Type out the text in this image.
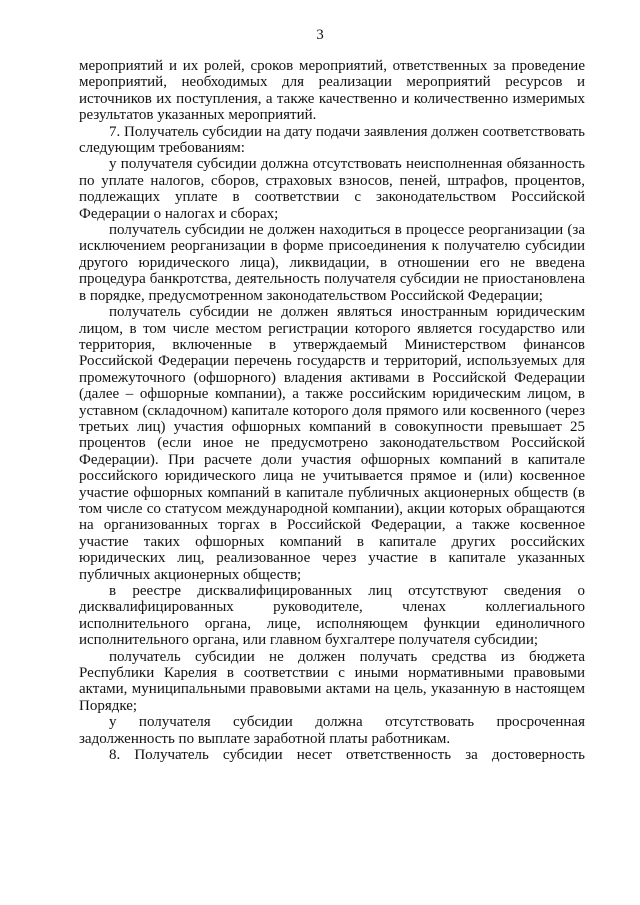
3

мероприятий и их ролей, сроков мероприятий, ответственных за проведение мероприятий, необходимых для реализации мероприятий ресурсов и источников их поступления, а также качественно и количественно измеримых результатов указанных мероприятий.

7. Получатель субсидии на дату подачи заявления должен соответствовать следующим требованиям:

у получателя субсидии должна отсутствовать неисполненная обязанность по уплате налогов, сборов, страховых взносов, пеней, штрафов, процентов, подлежащих уплате в соответствии с законодательством Российской Федерации о налогах и сборах;

получатель субсидии не должен находиться в процессе реорганизации (за исключением реорганизации в форме присоединения к получателю субсидии другого юридического лица), ликвидации, в отношении его не введена процедура банкротства, деятельность получателя субсидии не приостановлена в порядке, предусмотренном законодательством Российской Федерации;

получатель субсидии не должен являться иностранным юридическим лицом, в том числе местом регистрации которого является государство или территория, включенные в утверждаемый Министерством финансов Российской Федерации перечень государств и территорий, используемых для промежуточного (офшорного) владения активами в Российской Федерации (далее – офшорные компании), а также российским юридическим лицом, в уставном (складочном) капитале которого доля прямого или косвенного (через третьих лиц) участия офшорных компаний в совокупности превышает 25 процентов (если иное не предусмотрено законодательством Российской Федерации). При расчете доли участия офшорных компаний в капитале российского юридического лица не учитывается прямое и (или) косвенное участие офшорных компаний в капитале публичных акционерных обществ (в том числе со статусом международной компании), акции которых обращаются на организованных торгах в Российской Федерации, а также косвенное участие таких офшорных компаний в капитале других российских юридических лиц, реализованное через участие в капитале указанных публичных акционерных обществ;

в реестре дисквалифицированных лиц отсутствуют сведения о дисквалифицированных руководителе, членах коллегиального исполнительного органа, лице, исполняющем функции единоличного исполнительного органа, или главном бухгалтере получателя субсидии;

получатель субсидии не должен получать средства из бюджета Республики Карелия в соответствии с иными нормативными правовыми актами, муниципальными правовыми актами на цель, указанную в настоящем Порядке;

у получателя субсидии должна отсутствовать просроченная задолженность по выплате заработной платы работникам.

8. Получатель субсидии несет ответственность за достоверность
